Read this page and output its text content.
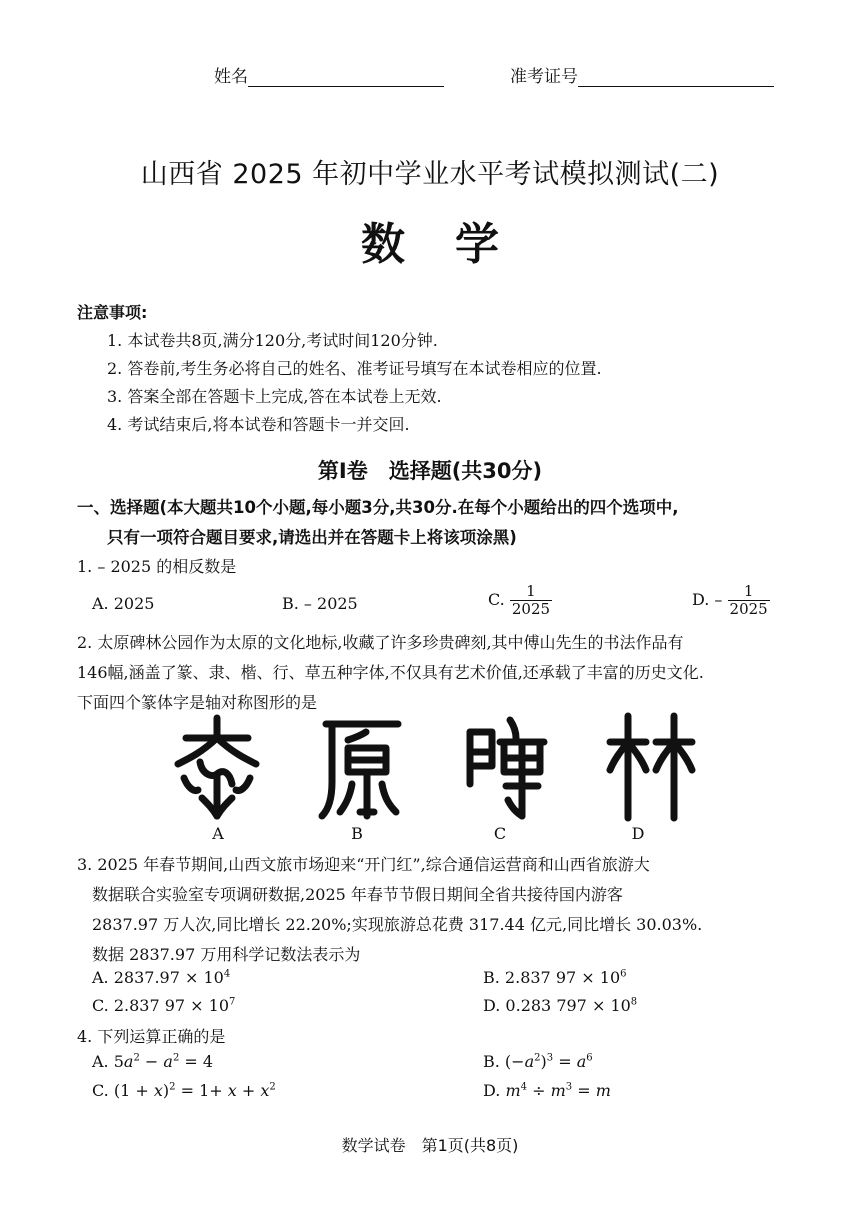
姓名	准考证号
山西省 2025 年初中学业水平考试模拟测试(二)
数 学
注意事项:
1. 本试卷共8页,满分120分,考试时间120分钟.
2. 答卷前,考生务必将自己的姓名、准考证号填写在本试卷相应的位置.
3. 答案全部在答题卡上完成,答在本试卷上无效.
4. 考试结束后,将本试卷和答题卡一并交回.
第Ⅰ卷　选择题(共30分)
一、选择题(本大题共10个小题,每小题3分,共30分.在每个小题给出的四个选项中,
只有一项符合题目要求,请选出并在答题卡上将该项涂黑)
1. – 2025 的相反数是
A. 2025	B. – 2025	C. $\frac{1}{2025}$	D. – $\frac{1}{2025}$
2. 太原碑林公园作为太原的文化地标,收藏了许多珍贵碑刻,其中傅山先生的书法作品有
146幅,涵盖了篆、隶、楷、行、草五种字体,不仅具有艺术价值,还承载了丰富的历史文化.
下面四个篆体字是轴对称图形的是
A	B	C	D
3. 2025 年春节期间,山西文旅市场迎来“开门红”,综合通信运营商和山西省旅游大
数据联合实验室专项调研数据,2025 年春节节假日期间全省共接待国内游客
2837.97 万人次,同比增长 22.20%;实现旅游总花费 317.44 亿元,同比增长 30.03%.
数据 2837.97 万用科学记数法表示为
A. $2837.97 \times 10^4$	B. 2.837 $97 \times 10^6$
C. 2.837 $97 \times 10^7$	D. 0.283 $797 \times 10^8$
4. 下列运算正确的是
A. $5a^2 - a^2 = 4$	B. $(-a^2)^3 = a^6$
C. $(1 + x)^2 = 1+ x + x^2$	D. $m^4 \div m^3 = m$
数学试卷　第1页(共8页)
